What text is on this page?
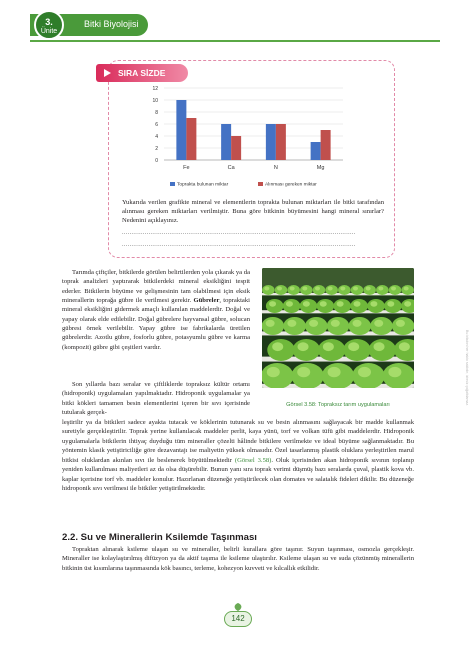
3.
Ünite
Bitki Biyolojisi
SIRA SİZDE
0
2
4
6
8
10
12
Fe	Ca	N	Mg
Toprakta bulunan miktar	Alınması gereken miktar
Yukarıda verilen grafikte mineral ve elementlerin toprakta bulunan miktarları ile bitki tarafından alınması gereken miktarları verilmiştir. Buna göre bitkinin büyümesini hangi mineral sınırlar? Nedenini açıklayınız.
...........................................................................................................................
...........................................................................................................................
Tarımda çiftçiler, bitkilerde görülen belirtilerden yola çıkarak ya da toprak analizleri yaptırarak bitkilerdeki mineral eksikliğini tespit ederler. Bitkilerin büyüme ve gelişmesinin tam olabilmesi için eksik minerallerin toprağa gübre ile verilmesi gerekir. Gübreler, topraktaki mineral eksikliğini gidermek amaçlı kullanılan maddelerdir. Doğal ve yapay olarak elde edilebilir. Doğal gübrelere hayvansal gübre, solucan gübresi örnek verilebilir. Yapay gübre ise fabrikalarda üretilen gübrelerdir. Azotlu gübre, fosforlu gübre, potasyumlu gübre ve karma (kompozit) gübre gibi çeşitleri vardır.

Son yıllarda bazı seralar ve çiftliklerde topraksız kültür ortamı (hidroponik) uygulamaları yapılmaktadır. Hidroponik uygulamalar ya bitki kökleri tamamen besin elementlerini içeren bir sıvı içerisinde tutularak gerçek-

Görsel 3.58: Topraksız tarım uygulamaları
leştirilir ya da bitkileri sadece ayakta tutacak ve köklerinin tutunarak su ve besin alınmasını sağlayacak bir madde kullanmak suretiyle gerçekleştirilir. Toprak yerine kullanılacak maddeler perlit, kaya yünü, torf ve volkan tüfü gibi maddelerdir. Hidroponik uygulamalarla bitkilerin ihtiyaç duyduğu tüm mineraller çözelti hâlinde bitkilere verilmekte ve ideal büyüme sağlanmaktadır. Bu yöntemin klasik yetiştiriciliğe göre dezavantajı ise maliyetin yüksek olmasıdır. Özel tasarlanmış plastik oluklara yerleştirilen marul bitkisi oluklardan akınlan sıvı ile beslenerek büyütülmektedir (Görsel 3.58). Oluk içerisinden akan hidroponik sıvının toplanıp yeniden kullanılması maliyetleri az da olsa düşürebilir. Bunun yanı sıra toprak verimi düşmüş bazı seralarda çuval, plastik kova vb. kaplar içerisine torf vb. maddeler konulur. Hazırlanan düzeneğe yetiştirilecek olan domates ve salatalık fideleri dikilir. Bu düzeneğe hidroponik sıvı verilmesi ile bitkiler yetiştirilmektedir.
2.2. Su ve Minerallerin Ksilemde Taşınması
Topraktan alınarak ksileme ulaşan su ve mineraller, belirli kurallara göre taşınır. Suyun taşınması, osmozla gerçekleşir. Mineraller ise kolaylaştırılmış difüzyon ya da aktif taşıma ile ksileme ulaştırılır. Ksileme ulaşan su ve suda çözünmüş minerallerin bitkinin üst kısımlarına taşınmasında kök basıncı, terleme, kohezyon kuvveti ve kılcallık etkilidir.
Bu kitabın her hakkı saklıdır, izinsiz çoğaltılamaz.
142
